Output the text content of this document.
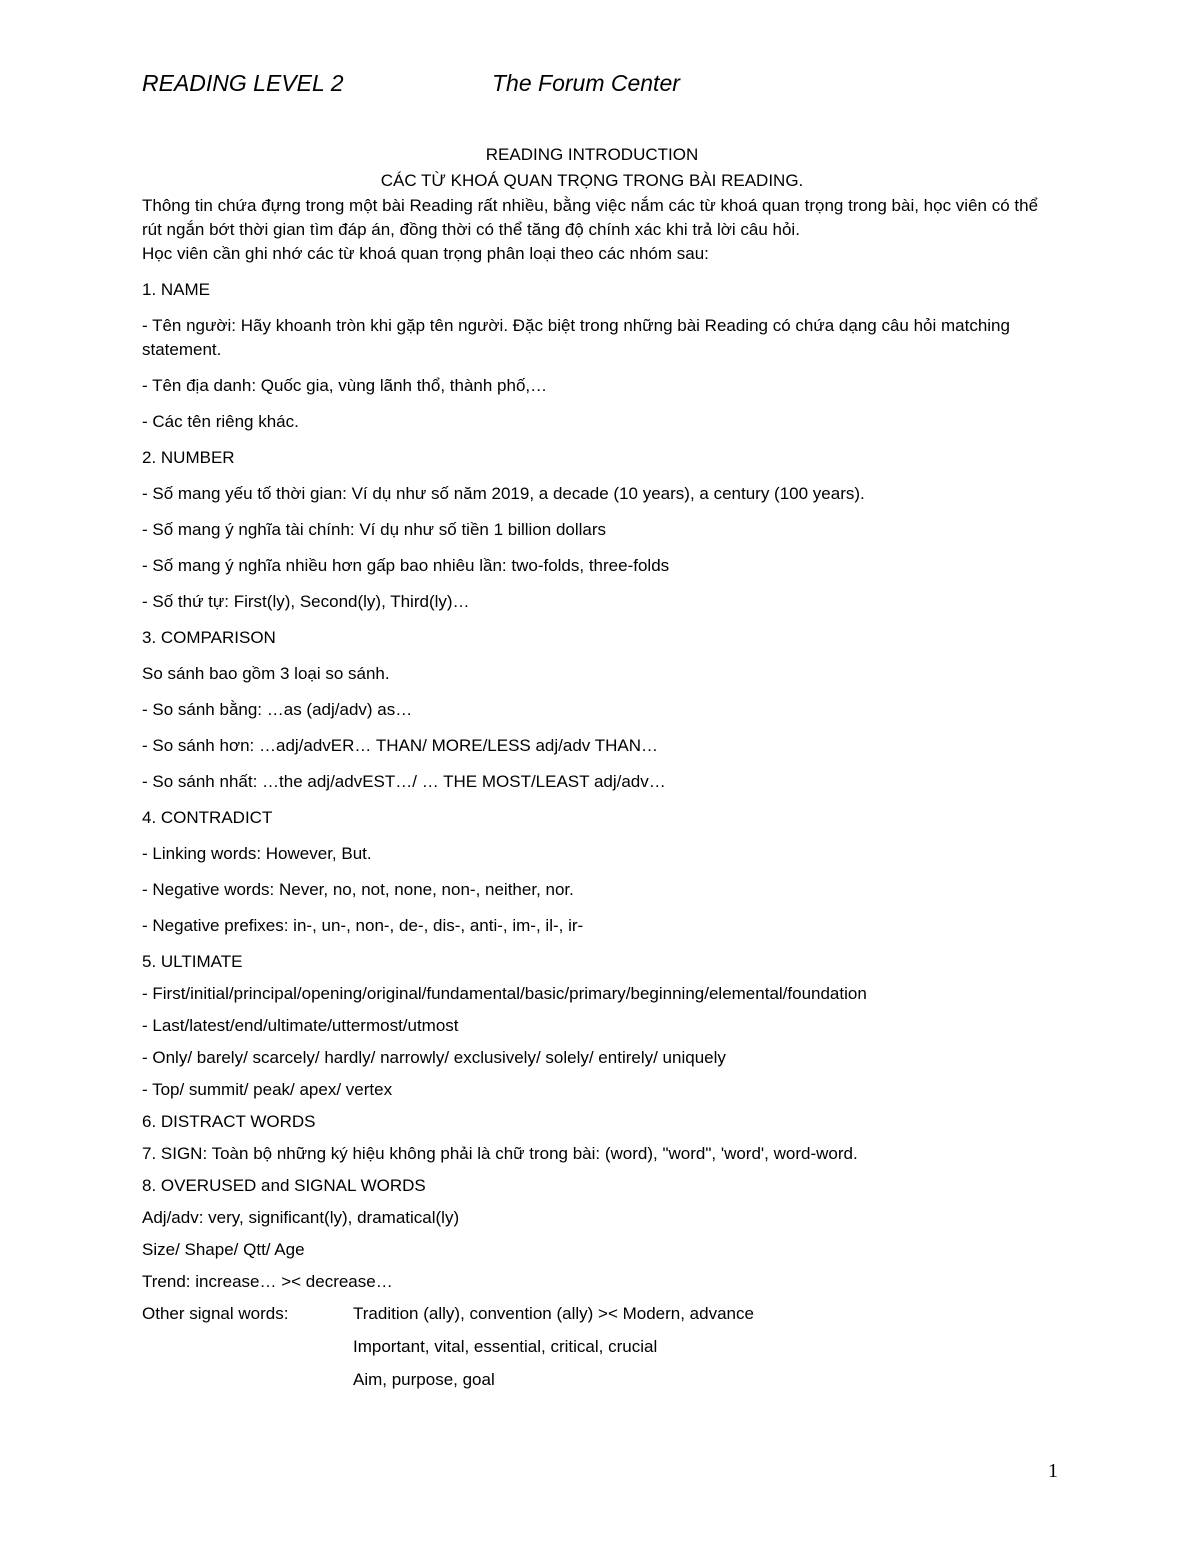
READING LEVEL 2	The Forum Center
READING INTRODUCTION
CÁC TỪ KHOÁ QUAN TRỌNG TRONG BÀI READING.

Thông tin chứa đựng trong một bài Reading rất nhiều, bằng việc nắm các từ khoá quan trọng trong bài, học viên có thể rút ngắn bớt thời gian tìm đáp án, đồng thời có thể tăng độ chính xác khi trả lời câu hỏi.

Học viên cần ghi nhớ các từ khoá quan trọng phân loại theo các nhóm sau:

1. NAME

- Tên người: Hãy khoanh tròn khi gặp tên người. Đặc biệt trong những bài Reading có chứa dạng câu hỏi matching statement.

- Tên địa danh: Quốc gia, vùng lãnh thổ, thành phố,…

- Các tên riêng khác.

2. NUMBER

- Số mang yếu tố thời gian: Ví dụ như số năm 2019, a decade (10 years), a century (100 years).

- Số mang ý nghĩa tài chính: Ví dụ như số tiền 1 billion dollars

- Số mang ý nghĩa nhiều hơn gấp bao nhiêu lần: two-folds, three-folds

- Số thứ tự: First(ly), Second(ly), Third(ly)…

3. COMPARISON

So sánh bao gồm 3 loại so sánh.

- So sánh bằng: …as (adj/adv) as…

- So sánh hơn: …adj/advER… THAN/ MORE/LESS adj/adv THAN…

- So sánh nhất: …the adj/advEST…/ … THE MOST/LEAST adj/adv…

4. CONTRADICT

- Linking words: However, But.

- Negative words: Never, no, not, none, non-, neither, nor.

- Negative prefixes: in-, un-, non-, de-, dis-, anti-, im-, il-, ir-

5. ULTIMATE

- First/initial/principal/opening/original/fundamental/basic/primary/beginning/elemental/foundation

- Last/latest/end/ultimate/uttermost/utmost

- Only/ barely/ scarcely/ hardly/ narrowly/ exclusively/ solely/ entirely/ uniquely

- Top/ summit/ peak/ apex/ vertex

6. DISTRACT WORDS

7. SIGN: Toàn bộ những ký hiệu không phải là chữ trong bài: (word), "word", 'word', word-word.

8. OVERUSED and SIGNAL WORDS

Adj/adv: very, significant(ly), dramatical(ly)

Size/ Shape/ Qtt/ Age

Trend: increase… >< decrease…

Other signal words:	Tradition (ally), convention (ally) >< Modern, advance

Important, vital, essential, critical, crucial

Aim, purpose, goal

1
